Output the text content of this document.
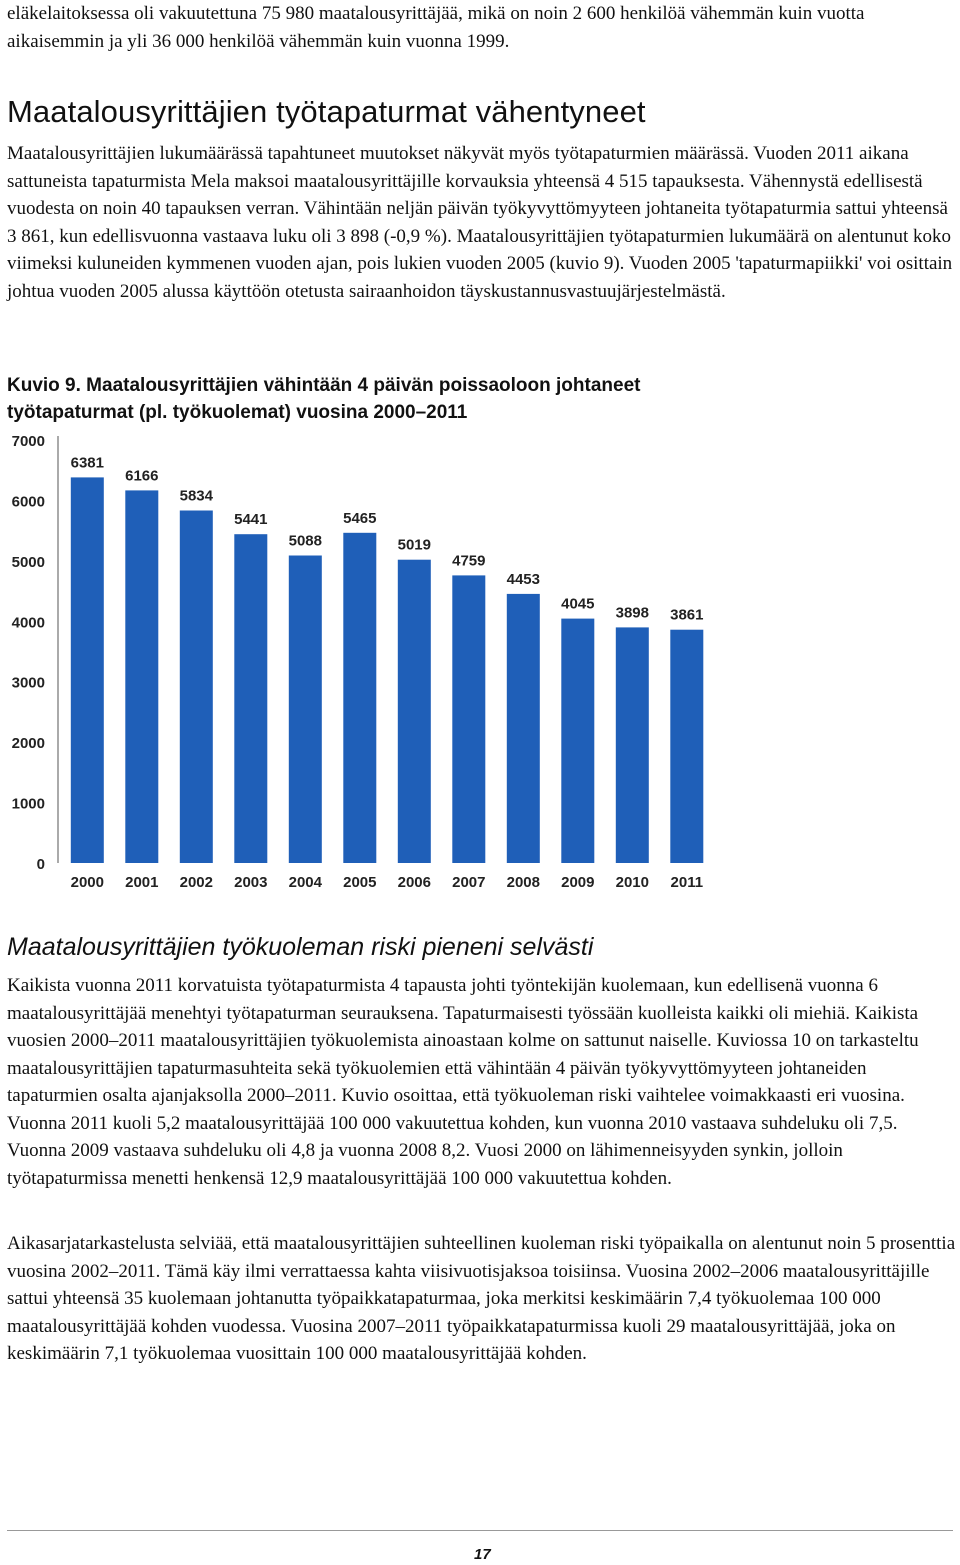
eläkelaitoksessa oli vakuutettuna 75 980 maatalousyrittäjää, mikä on noin 2 600 henkilöä vähemmän kuin vuotta aikaisemmin ja yli 36 000 henkilöä vähemmän kuin vuonna 1999.

Maatalousyrittäjien työtapaturmat vähentyneet

Maatalousyrittäjien lukumäärässä tapahtuneet muutokset näkyvät myös työtapaturmien määrässä. Vuoden 2011 aikana sattuneista tapaturmista Mela maksoi maatalousyrittäjille korvauksia yhteensä 4 515 tapauksesta. Vähennystä edellisestä vuodesta on noin 40 tapauksen verran. Vähintään neljän päivän työkyvyttömyyteen johtaneita työtapaturmia sattui yhteensä 3 861, kun edellisvuonna vastaava luku oli 3 898 (-0,9 %). Maatalousyrittäjien työtapaturmien lukumäärä on alentunut koko viimeksi kuluneiden kymmenen vuoden ajan, pois lukien vuoden 2005 (kuvio 9). Vuoden 2005 'tapaturmapiikki' voi osittain johtua vuoden 2005 alussa käyttöön otetusta sairaanhoidon täyskustannusvastuujärjestelmästä.

Kuvio 9. Maatalousyrittäjien vähintään 4 päivän poissaoloon johtaneet työtapaturmat (pl. työkuolemat) vuosina 2000–2011
0
1000
2000
3000
4000
5000
6000
7000
6381
6166
5834
5441
5088
5465
5019
4759
4453
4045
3898 3861
2000 2001 2002 2003 2004 2005 2006 2007 2008 2009 2010 2011
Maatalousyrittäjien työkuoleman riski pieneni selvästi

Kaikista vuonna 2011 korvatuista työtapaturmista 4 tapausta johti työntekijän kuolemaan, kun edellisenä vuonna 6 maatalousyrittäjää menehtyi työtapaturman seurauksena. Tapaturmaisesti työssään kuolleista kaikki oli miehiä. Kaikista vuosien 2000–2011 maatalousyrittäjien työkuolemista ainoastaan kolme on sattunut naiselle. Kuviossa 10 on tarkasteltu maatalousyrittäjien tapaturmasuhteita sekä työkuolemien että vähintään 4 päivän työkyvyttömyyteen johtaneiden tapaturmien osalta ajanjaksolla 2000–2011. Kuvio osoittaa, että työkuoleman riski vaihtelee voimakkaasti eri vuosina. Vuonna 2011 kuoli 5,2 maatalousyrittäjää 100 000 vakuutettua kohden, kun vuonna 2010 vastaava suhdeluku oli 7,5. Vuonna 2009 vastaava suhdeluku oli 4,8 ja vuonna 2008 8,2. Vuosi 2000 on lähimenneisyyden synkin, jolloin työtapaturmissa menetti henkensä 12,9 maatalousyrittäjää 100 000 vakuutettua kohden.

Aikasarjatarkastelusta selviää, että maatalousyrittäjien suhteellinen kuoleman riski työpaikalla on alentunut noin 5 prosenttia vuosina 2002–2011. Tämä käy ilmi verrattaessa kahta viisivuotisjaksoa toisiinsa. Vuosina 2002–2006 maatalousyrittäjille sattui yhteensä 35 kuolemaan johtanutta työpaikkatapaturmaa, joka merkitsi keskimäärin 7,4 työkuolemaa 100 000 maatalousyrittäjää kohden vuodessa. Vuosina 2007–2011 työpaikkatapaturmissa kuoli 29 maatalousyrittäjää, joka on keskimäärin 7,1 työkuolemaa vuosittain 100 000 maatalousyrittäjää kohden.

17
